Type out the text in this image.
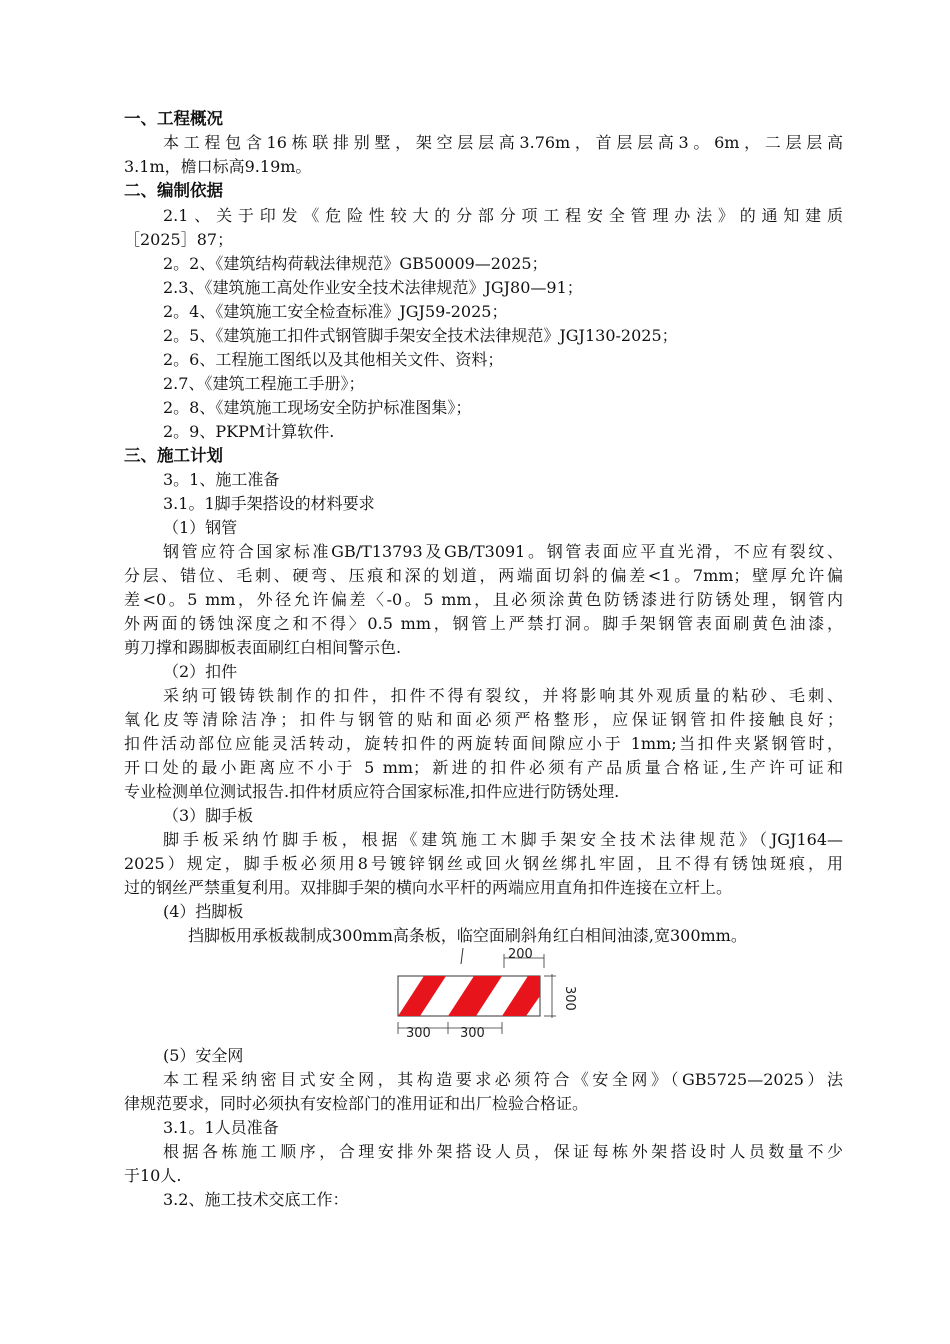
一、工程概况
本工程包含16栋联排别墅，架空层层高3.76m，首层层高3。6m，二层层高
3.1m，檐口标高9.19m。
二、编制依据
2.1、关于印发《危险性较大的分部分项工程安全管理办法》的通知建质
［2025］87；
2。2、《建筑结构荷载法律规范》GB50009—2025；
2.3、《建筑施工高处作业安全技术法律规范》JGJ80—91；
2。4、《建筑施工安全检查标准》JGJ59-2025；
2。5、《建筑施工扣件式钢管脚手架安全技术法律规范》JGJ130-2025；
2。6、工程施工图纸以及其他相关文件、资料；
2.7、《建筑工程施工手册》；
2。8、《建筑施工现场安全防护标准图集》；
2。9、PKPM计算软件.
三、施工计划
3。1、施工准备
3.1。1脚手架搭设的材料要求
（1）钢管
钢管应符合国家标准GB/T13793及GB/T3091。钢管表面应平直光滑，不应有裂纹、
分层、错位、毛刺、硬弯、压痕和深的划道，两端面切斜的偏差<1。7mm；壁厚允许偏
差<0。5 mm，外径允许偏差〈-0。5 mm，且必须涂黄色防锈漆进行防锈处理，钢管内
外两面的锈蚀深度之和不得〉0.5 mm，钢管上严禁打洞。脚手架钢管表面刷黄色油漆，
剪刀撑和踢脚板表面刷红白相间警示色.
（2）扣件
采纳可锻铸铁制作的扣件，扣件不得有裂纹，并将影响其外观质量的粘砂、毛刺、
氧化皮等清除洁净；扣件与钢管的贴和面必须严格整形，应保证钢管扣件接触良好；
扣件活动部位应能灵活转动，旋转扣件的两旋转面间隙应小于 1mm;当扣件夹紧钢管时，
开口处的最小距离应不小于 5 mm；新进的扣件必须有产品质量合格证,生产许可证和
专业检测单位测试报告.扣件材质应符合国家标准,扣件应进行防锈处理.
（3）脚手板
脚手板采纳竹脚手板，根据《建筑施工木脚手架安全技术法律规范》（JGJ164—
2025）规定，脚手板必须用8号镀锌钢丝或回火钢丝绑扎牢固，且不得有锈蚀斑痕，用
过的钢丝严禁重复利用。双排脚手架的横向水平杆的两端应用直角扣件连接在立杆上。
(4）挡脚板
挡脚板用承板裁制成300mm高条板，临空面刷斜角红白相间油漆,宽300mm。
200
300
300 300
(5）安全网
本工程采纳密目式安全网，其构造要求必须符合《安全网》（GB5725—2025）法
律规范要求，同时必须执有安检部门的准用证和出厂检验合格证。
3.1。1人员准备
根据各栋施工顺序，合理安排外架搭设人员，保证每栋外架搭设时人员数量不少
于10人.
3.2、施工技术交底工作：
